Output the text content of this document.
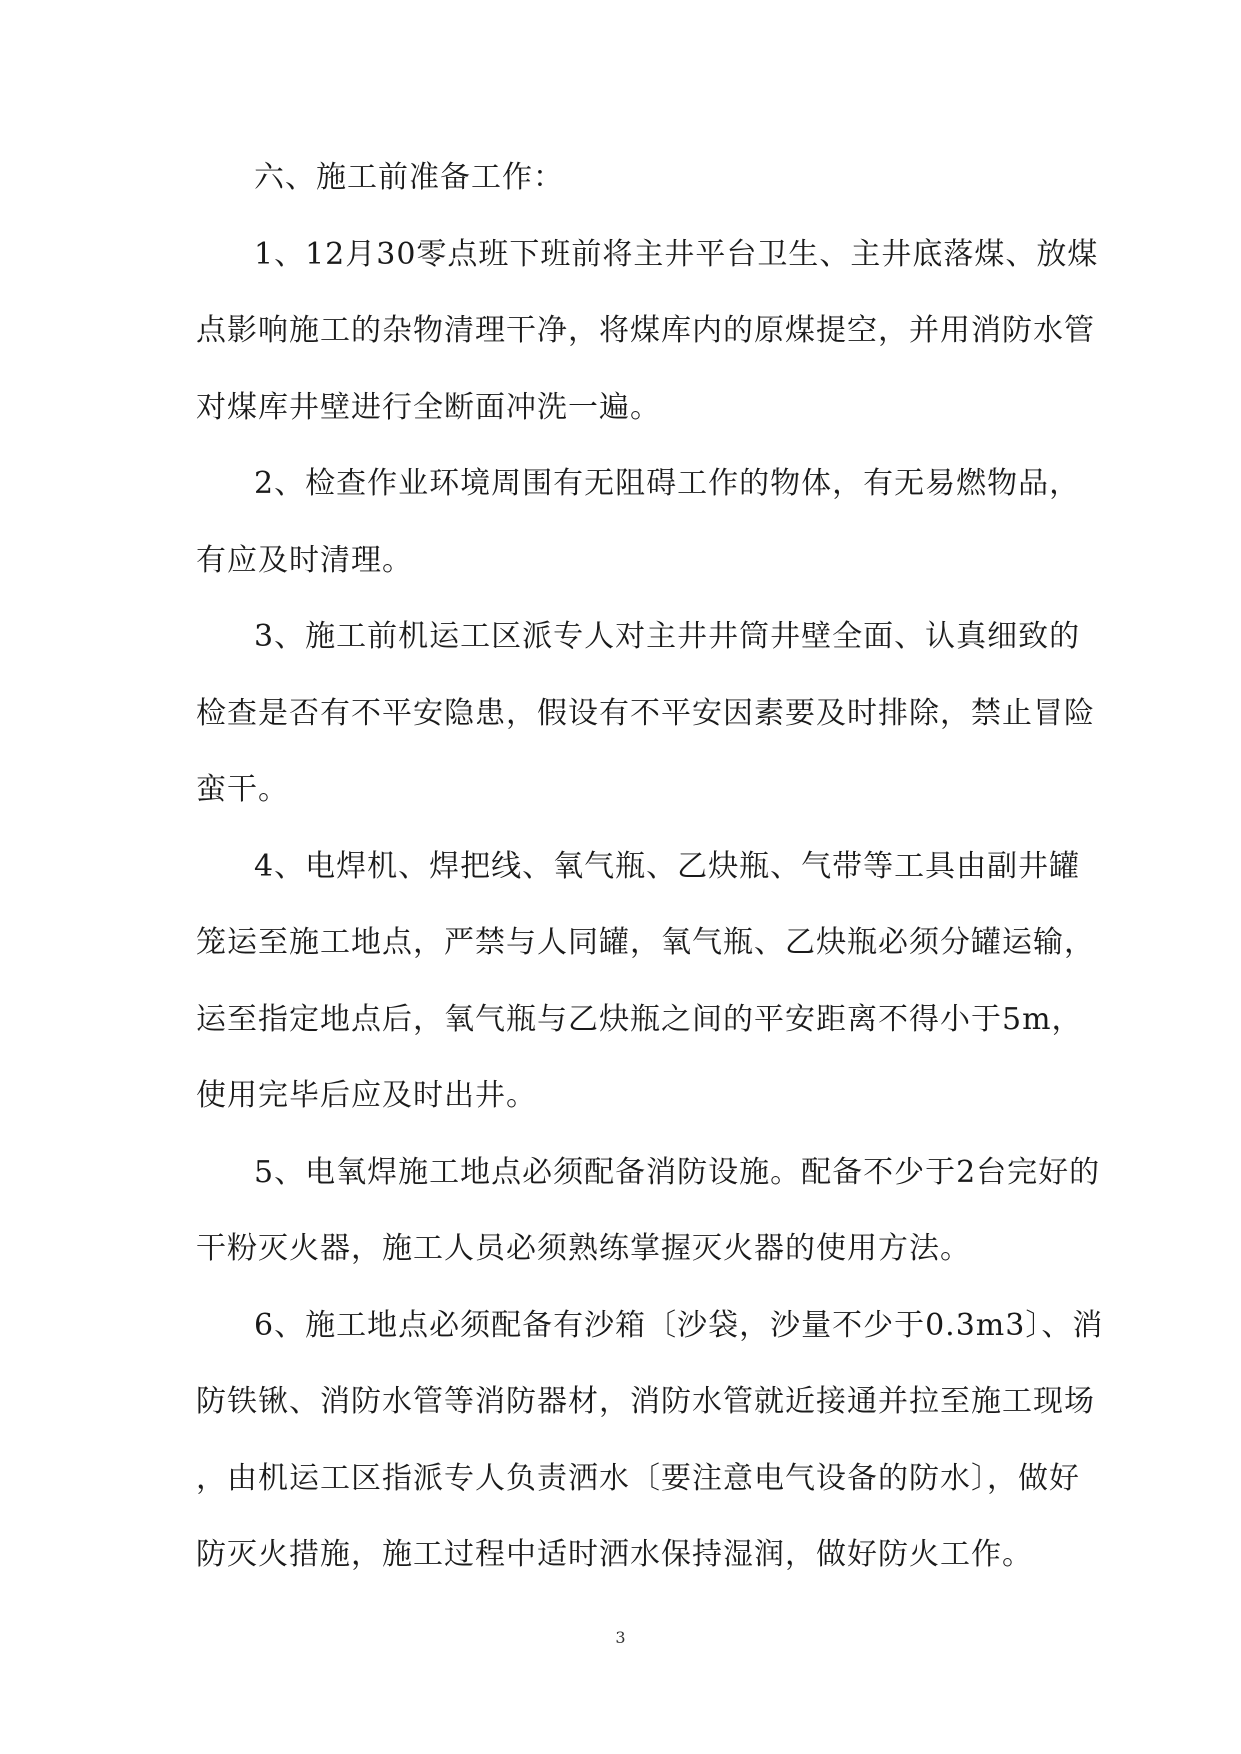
六、施工前准备工作：
1、12月30零点班下班前将主井平台卫生、主井底落煤、放煤
点影响施工的杂物清理干净，将煤库内的原煤提空，并用消防水管
对煤库井壁进行全断面冲洗一遍。
2、检查作业环境周围有无阻碍工作的物体，有无易燃物品，
有应及时清理。
3、施工前机运工区派专人对主井井筒井壁全面、认真细致的
检查是否有不平安隐患，假设有不平安因素要及时排除，禁止冒险
蛮干。
4、电焊机、焊把线、氧气瓶、乙炔瓶、气带等工具由副井罐
笼运至施工地点，严禁与人同罐，氧气瓶、乙炔瓶必须分罐运输，
运至指定地点后，氧气瓶与乙炔瓶之间的平安距离不得小于5m，
使用完毕后应及时出井。
5、电氧焊施工地点必须配备消防设施。配备不少于2台完好的
干粉灭火器，施工人员必须熟练掌握灭火器的使用方法。
6、施工地点必须配备有沙箱〔沙袋，沙量不少于0.3m3〕、消
防铁锹、消防水管等消防器材，消防水管就近接通并拉至施工现场
，由机运工区指派专人负责洒水〔要注意电气设备的防水〕，做好
防灭火措施，施工过程中适时洒水保持湿润，做好防火工作。
3
